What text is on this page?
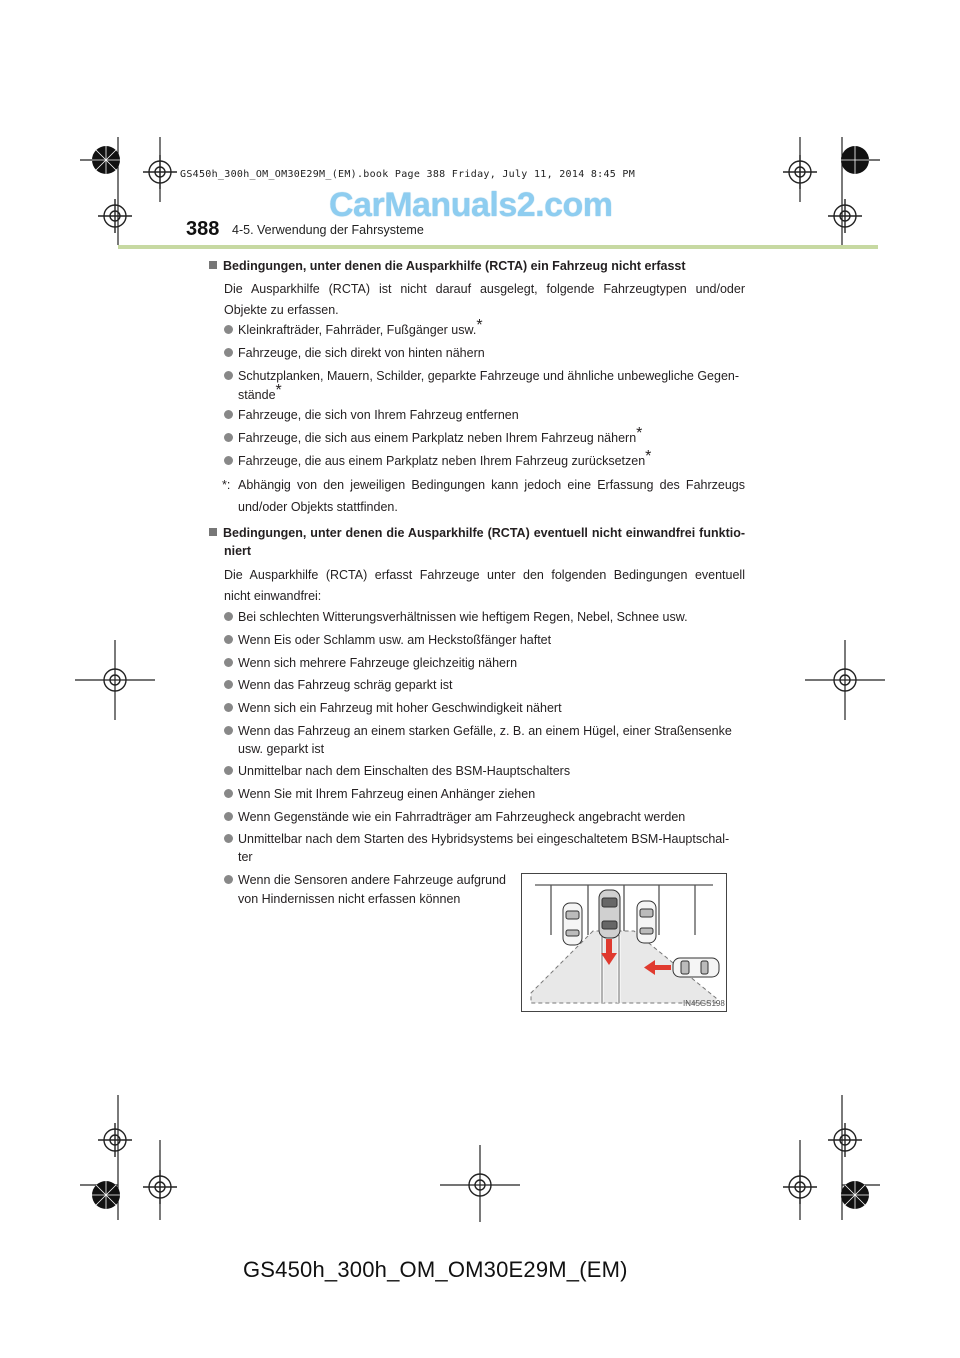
GS450h_300h_OM_OM30E29M_(EM).book Page 388 Friday, July 11, 2014 8:45 PM
CarManuals2.com
388 4-5. Verwendung der Fahrsysteme
Bedingungen, unter denen die Ausparkhilfe (RCTA) ein Fahrzeug nicht erfasst
Die Ausparkhilfe (RCTA) ist nicht darauf ausgelegt, folgende Fahrzeugtypen und/oder
Objekte zu erfassen.
Kleinkrafträder, Fahrräder, Fußgänger usw.*
Fahrzeuge, die sich direkt von hinten nähern
Schutzplanken, Mauern, Schilder, geparkte Fahrzeuge und ähnliche unbewegliche Gegen-
stände*
Fahrzeuge, die sich von Ihrem Fahrzeug entfernen
Fahrzeuge, die sich aus einem Parkplatz neben Ihrem Fahrzeug nähern*
Fahrzeuge, die aus einem Parkplatz neben Ihrem Fahrzeug zurücksetzen*
*: Abhängig von den jeweiligen Bedingungen kann jedoch eine Erfassung des Fahrzeugs
und/oder Objekts stattfinden.
Bedingungen, unter denen die Ausparkhilfe (RCTA) eventuell nicht einwandfrei funktio-
niert
Die Ausparkhilfe (RCTA) erfasst Fahrzeuge unter den folgenden Bedingungen eventuell
nicht einwandfrei:
Bei schlechten Witterungsverhältnissen wie heftigem Regen, Nebel, Schnee usw.
Wenn Eis oder Schlamm usw. am Heckstoßfänger haftet
Wenn sich mehrere Fahrzeuge gleichzeitig nähern
Wenn das Fahrzeug schräg geparkt ist
Wenn sich ein Fahrzeug mit hoher Geschwindigkeit nähert
Wenn das Fahrzeug an einem starken Gefälle, z. B. an einem Hügel, einer Straßensenke
usw. geparkt ist
Unmittelbar nach dem Einschalten des BSM-Hauptschalters
Wenn Sie mit Ihrem Fahrzeug einen Anhänger ziehen
Wenn Gegenstände wie ein Fahrradträger am Fahrzeugheck angebracht werden
Unmittelbar nach dem Starten des Hybridsystems bei eingeschaltetem BSM-Hauptschal-
ter
Wenn die Sensoren andere Fahrzeuge aufgrund
von Hindernissen nicht erfassen können
IN45GS198
GS450h_300h_OM_OM30E29M_(EM)
